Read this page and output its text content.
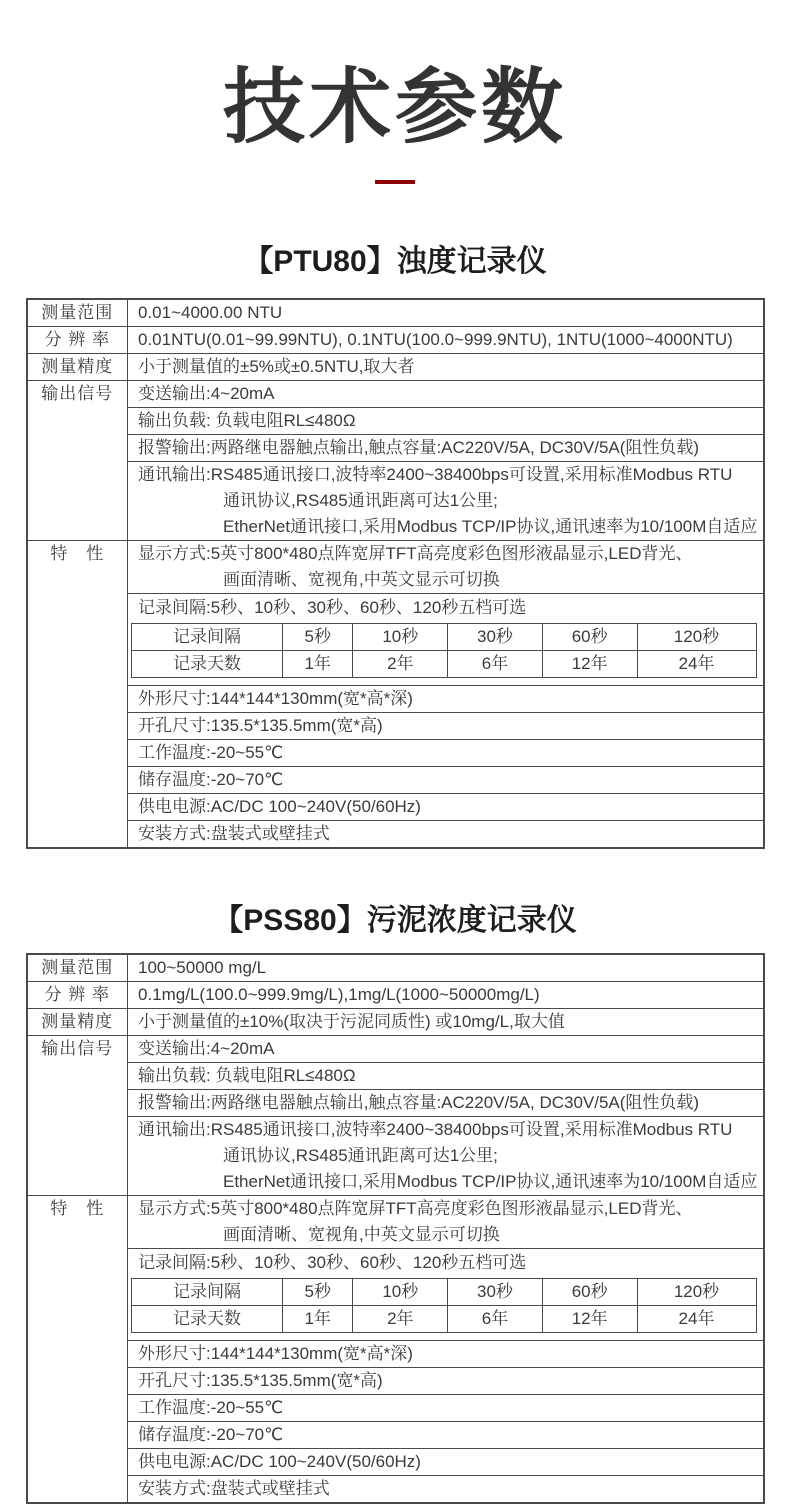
技术参数
【PTU80】浊度记录仪
测量范围	0.01~4000.00 NTU
分 辨 率	0.01NTU(0.01~99.99NTU), 0.1NTU(100.0~999.9NTU), 1NTU(1000~4000NTU)
测量精度	小于测量值的±5%或±0.5NTU,取大者
输出信号	变送输出:4~20mA
输出负载: 负载电阻RL≤480Ω
报警输出:两路继电器触点输出,触点容量:AC220V/5A, DC30V/5A(阻性负载)

通讯输出:RS485通讯接口,波特率2400~38400bps可设置,采用标准Modbus RTU
通讯协议,RS485通讯距离可达1公里;
EtherNet通讯接口,采用Modbus TCP/IP协议,通讯速率为10/100M自适应

特　性	显示方式:5英寸800*480点阵宽屏TFT高亮度彩色图形液晶显示,LED背光、
画面清晰、宽视角,中英文显示可切换

记录间隔:5秒、10秒、30秒、60秒、120秒五档可选
记录间隔	5秒	10秒	30秒	60秒	120秒
记录天数	1年	2年	6年	12年	24年

外形尺寸:144*144*130mm(宽*高*深)
开孔尺寸:135.5*135.5mm(宽*高)
工作温度:-20~55℃
储存温度:-20~70℃
供电电源:AC/DC 100~240V(50/60Hz)
安装方式:盘装式或壁挂式
【PSS80】污泥浓度记录仪
测量范围	100~50000 mg/L
分 辨 率	0.1mg/L(100.0~999.9mg/L),1mg/L(1000~50000mg/L)
测量精度	小于测量值的±10%(取决于污泥同质性) 或10mg/L,取大值
输出信号	变送输出:4~20mA
输出负载: 负载电阻RL≤480Ω
报警输出:两路继电器触点输出,触点容量:AC220V/5A, DC30V/5A(阻性负载)

通讯输出:RS485通讯接口,波特率2400~38400bps可设置,采用标准Modbus RTU
通讯协议,RS485通讯距离可达1公里;
EtherNet通讯接口,采用Modbus TCP/IP协议,通讯速率为10/100M自适应

特　性	显示方式:5英寸800*480点阵宽屏TFT高亮度彩色图形液晶显示,LED背光、
画面清晰、宽视角,中英文显示可切换

记录间隔:5秒、10秒、30秒、60秒、120秒五档可选
记录间隔	5秒	10秒	30秒	60秒	120秒
记录天数	1年	2年	6年	12年	24年

外形尺寸:144*144*130mm(宽*高*深)
开孔尺寸:135.5*135.5mm(宽*高)
工作温度:-20~55℃
储存温度:-20~70℃
供电电源:AC/DC 100~240V(50/60Hz)
安装方式:盘装式或壁挂式
